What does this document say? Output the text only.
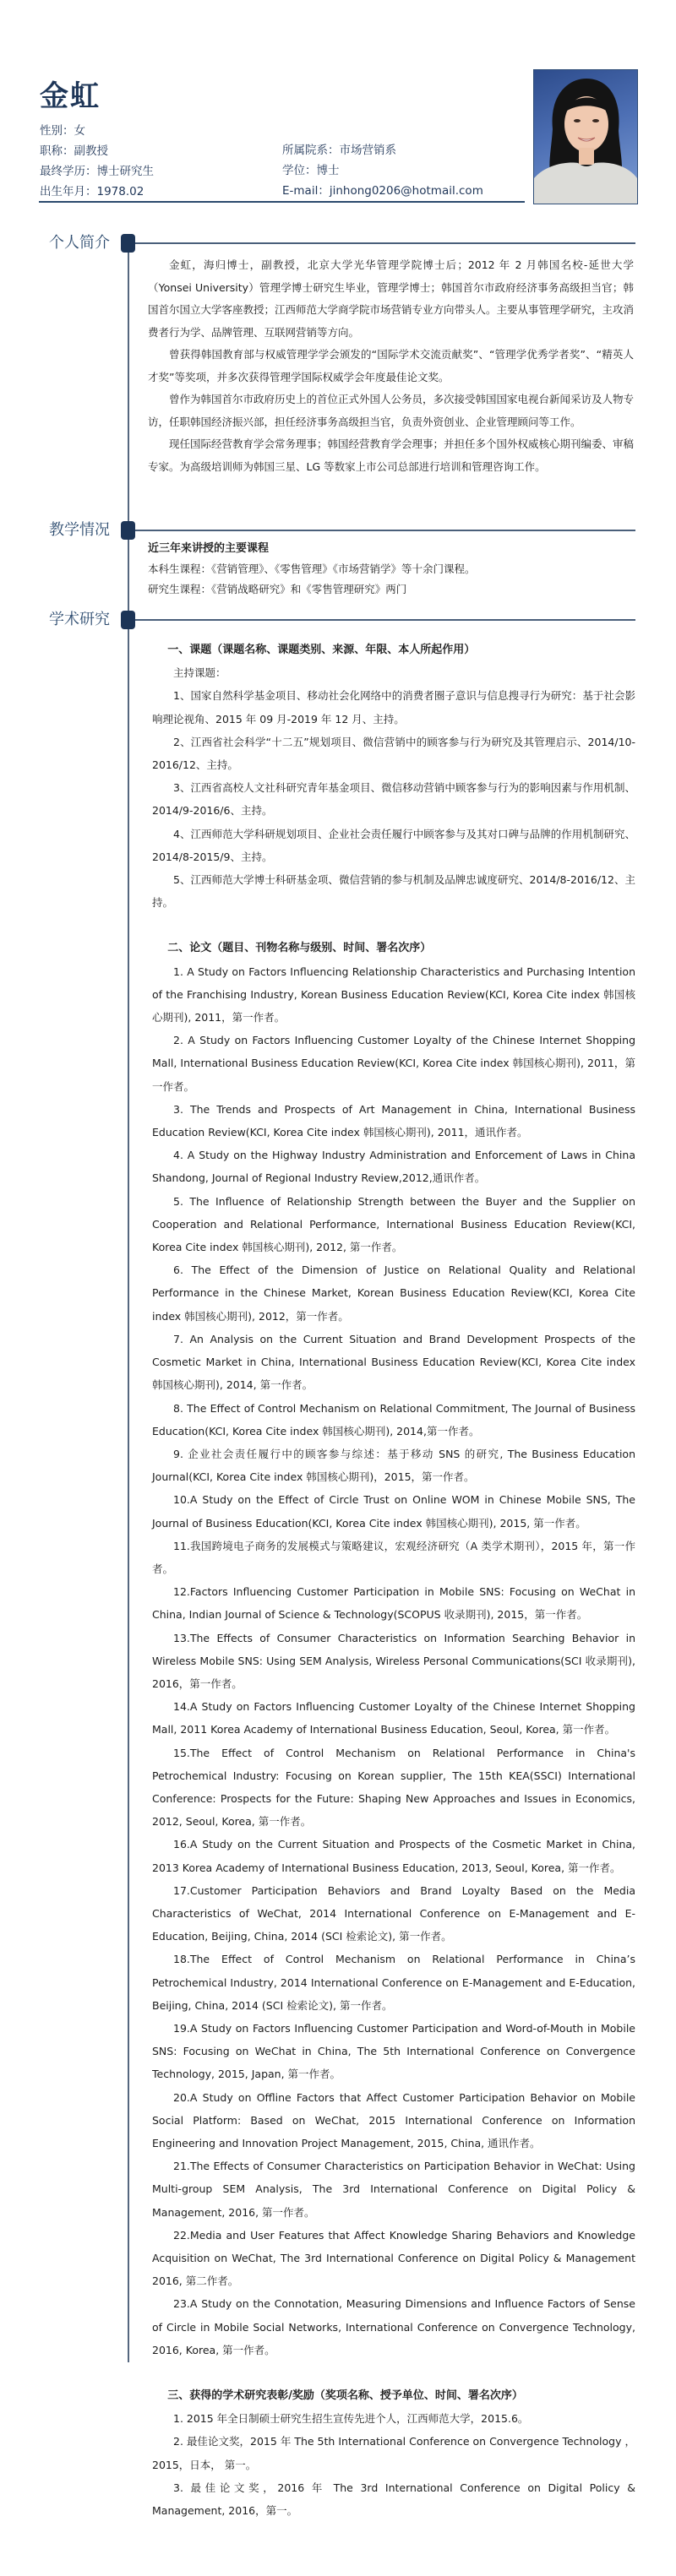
金虹
性别：女
职称：副教授
最终学历：博士研究生
出生年月：1978.02
所属院系：市场营销系
学位：博士
E-mail：jinhong0206@hotmail.com
个人简介

金虹，海归博士，副教授，北京大学光华管理学院博士后；2012 年 2 月韩国名校-延世大学（Yonsei University）管理学博士研究生毕业，管理学博士；韩国首尔市政府经济事务高级担当官；韩国首尔国立大学客座教授；江西师范大学商学院市场营销专业方向带头人。主要从事管理学研究，主攻消费者行为学、品牌管理、互联网营销等方向。

曾获得韩国教育部与权威管理学学会颁发的“国际学术交流贡献奖”、“管理学优秀学者奖”、“精英人才奖”等奖项，并多次获得管理学国际权威学会年度最佳论文奖。

曾作为韩国首尔市政府历史上的首位正式外国人公务员，多次接受韩国国家电视台新闻采访及人物专访，任职韩国经济振兴部，担任经济事务高级担当官，负责外资创业、企业管理顾问等工作。

现任国际经营教育学会常务理事；韩国经营教育学会理事；并担任多个国外权威核心期刊编委、审稿专家。为高级培训师为韩国三星、LG 等数家上市公司总部进行培训和管理咨询工作。

教学情况

近三年来讲授的主要课程

本科生课程：《营销管理》、《零售管理》《市场营销学》等十余门课程。

研究生课程：《营销战略研究》和《零售管理研究》两门

学术研究

一、课题（课题名称、课题类别、来源、年限、本人所起作用）

主持课题：

1、国家自然科学基金项目、移动社会化网络中的消费者圈子意识与信息搜寻行为研究：基于社会影响理论视角、2015 年 09 月-2019 年 12 月、主持。

2、江西省社会科学“十二五”规划项目、微信营销中的顾客参与行为研究及其管理启示、2014/10-2016/12、主持。

3、江西省高校人文社科研究青年基金项目、微信移动营销中顾客参与行为的影响因素与作用机制、2014/9-2016/6、主持。

4、江西师范大学科研规划项目、企业社会责任履行中顾客参与及其对口碑与品牌的作用机制研究、2014/8-2015/9、主持。

5、江西师范大学博士科研基金项、微信营销的参与机制及品牌忠诚度研究、2014/8-2016/12、主持。

二、论文（题目、刊物名称与级别、时间、署名次序）

1. A Study on Factors Influencing Relationship Characteristics and Purchasing Intention of the Franchising Industry, Korean Business Education Review(KCI, Korea Cite index 韩国核心期刊), 2011，第一作者。

2. A Study on Factors Influencing Customer Loyalty of the Chinese Internet Shopping Mall, International Business Education Review(KCI, Korea Cite index 韩国核心期刊), 2011，第一作者。

3. The Trends and Prospects of Art Management in China, International Business Education Review(KCI, Korea Cite index 韩国核心期刊), 2011，通讯作者。

4. A Study on the Highway Industry Administration and Enforcement of Laws in China Shandong, Journal of Regional Industry Review,2012,通讯作者。

5. The Influence of Relationship Strength between the Buyer and the Supplier on Cooperation and Relational Performance, International Business Education Review(KCI, Korea Cite index 韩国核心期刊), 2012, 第一作者。

6. The Effect of the Dimension of Justice on Relational Quality and Relational Performance in the Chinese Market, Korean Business Education Review(KCI, Korea Cite index 韩国核心期刊), 2012，第一作者。

7. An Analysis on the Current Situation and Brand Development Prospects of the Cosmetic Market in China, International Business Education Review(KCI, Korea Cite index 韩国核心期刊), 2014, 第一作者。

8. The Effect of Control Mechanism on Relational Commitment, The Journal of Business Education(KCI, Korea Cite index 韩国核心期刊), 2014,第一作者。

9. 企业社会责任履行中的顾客参与综述：基于移动 SNS 的研究, The Business Education Journal(KCI, Korea Cite index 韩国核心期刊)，2015，第一作者。

10.A Study on the Effect of Circle Trust on Online WOM in Chinese Mobile SNS, The Journal of Business Education(KCI, Korea Cite index 韩国核心期刊), 2015, 第一作者。

11.我国跨境电子商务的发展模式与策略建议，宏观经济研究（A 类学术期刊），2015 年，第一作者。

12.Factors Influencing Customer Participation in Mobile SNS: Focusing on WeChat in China, Indian Journal of Science & Technology(SCOPUS 收录期刊), 2015，第一作者。

13.The Effects of Consumer Characteristics on Information Searching Behavior in Wireless Mobile SNS: Using SEM Analysis, Wireless Personal Communications(SCI 收录期刊), 2016，第一作者。

14.A Study on Factors Influencing Customer Loyalty of the Chinese Internet Shopping Mall, 2011 Korea Academy of International Business Education, Seoul, Korea, 第一作者。

15.The Effect of Control Mechanism on Relational Performance in China's Petrochemical Industry: Focusing on Korean supplier, The 15th KEA(SSCI) International Conference: Prospects for the Future: Shaping New Approaches and Issues in Economics, 2012, Seoul, Korea, 第一作者。

16.A Study on the Current Situation and Prospects of the Cosmetic Market in China, 2013 Korea Academy of International Business Education, 2013, Seoul, Korea, 第一作者。

17.Customer Participation Behaviors and Brand Loyalty Based on the Media Characteristics of WeChat, 2014 International Conference on E-Management and E-Education, Beijing, China, 2014 (SCI 检索论文), 第一作者。

18.The Effect of Control Mechanism on Relational Performance in China’s Petrochemical Industry, 2014 International Conference on E-Management and E-Education, Beijing, China, 2014 (SCI 检索论文), 第一作者。

19.A Study on Factors Influencing Customer Participation and Word-of-Mouth in Mobile SNS: Focusing on WeChat in China, The 5th International Conference on Convergence Technology, 2015, Japan, 第一作者。

20.A Study on Offline Factors that Affect Customer Participation Behavior on Mobile Social Platform: Based on WeChat, 2015 International Conference on Information Engineering and Innovation Project Management, 2015, China, 通讯作者。

21.The Effects of Consumer Characteristics on Participation Behavior in WeChat: Using Multi-group SEM Analysis, The 3rd International Conference on Digital Policy & Management, 2016, 第一作者。

22.Media and User Features that Affect Knowledge Sharing Behaviors and Knowledge Acquisition on WeChat, The 3rd International Conference on Digital Policy & Management 2016, 第二作者。

23.A Study on the Connotation, Measuring Dimensions and Influence Factors of Sense of Circle in Mobile Social Networks, International Conference on Convergence Technology, 2016, Korea, 第一作者。

三、获得的学术研究表彰/奖励（奖项名称、授予单位、时间、署名次序）

1. 2015 年全日制硕士研究生招生宣传先进个人，江西师范大学，2015.6。

2. 最佳论文奖，2015 年 The 5th International Conference on Convergence Technology ，2015，日本， 第一。

3. 最佳论文奖，2016 年 The 3rd International Conference on Digital Policy & Management, 2016，第一。
